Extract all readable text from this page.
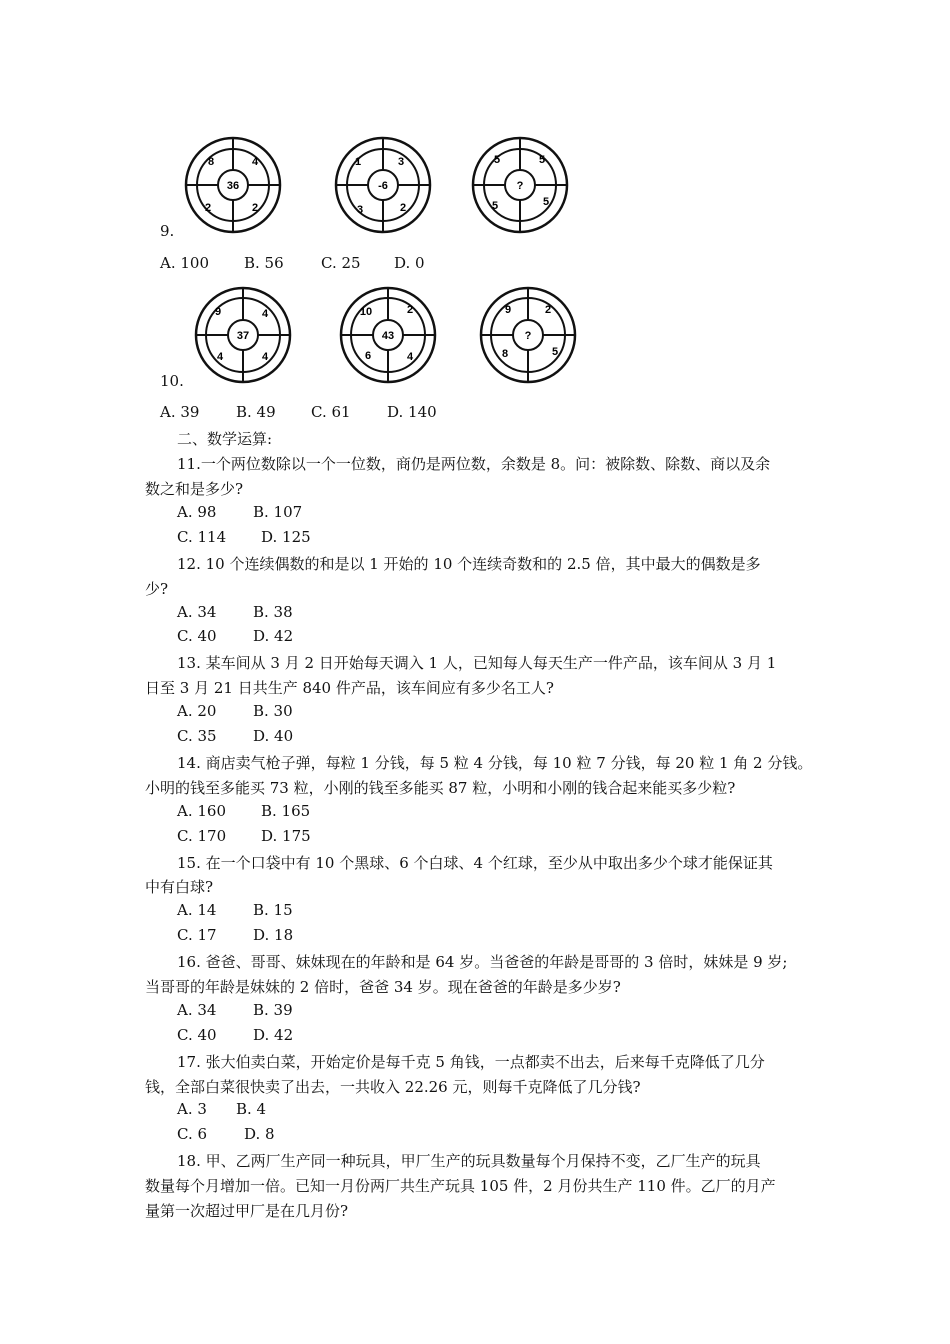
36
8	4
2	2
-6
1	3
3	2
?
5	5
5	5
9.
A. 100 B. 56 C. 25 D. 0
37
9	4
4	4
43
10	2
6	4
?
9	2
8	5
10.
A. 39 B. 49 C. 61 D. 140
二、数学运算:
11.一个两位数除以一个一位数，商仍是两位数，余数是 8。问：被除数、除数、商以及余
数之和是多少?
A. 98 B. 107
C. 114 D. 125
12. 10 个连续偶数的和是以 1 开始的 10 个连续奇数和的 2.5 倍，其中最大的偶数是多
少?
A. 34 B. 38
C. 40 D. 42
13. 某车间从 3 月 2 日开始每天调入 1 人，已知每人每天生产一件产品，该车间从 3 月 1
日至 3 月 21 日共生产 840 件产品，该车间应有多少名工人?
A. 20 B. 30
C. 35 D. 40
14. 商店卖气枪子弹，每粒 1 分钱，每 5 粒 4 分钱，每 10 粒 7 分钱，每 20 粒 1 角 2 分钱。
小明的钱至多能买 73 粒，小刚的钱至多能买 87 粒，小明和小刚的钱合起来能买多少粒?
A. 160 B. 165
C. 170 D. 175
15. 在一个口袋中有 10 个黑球、6 个白球、4 个红球，至少从中取出多少个球才能保证其
中有白球?
A. 14 B. 15
C. 17 D. 18
16. 爸爸、哥哥、妹妹现在的年龄和是 64 岁。当爸爸的年龄是哥哥的 3 倍时，妹妹是 9 岁;
当哥哥的年龄是妹妹的 2 倍时，爸爸 34 岁。现在爸爸的年龄是多少岁?
A. 34 B. 39
C. 40 D. 42
17. 张大伯卖白菜，开始定价是每千克 5 角钱，一点都卖不出去，后来每千克降低了几分
钱，全部白菜很快卖了出去，一共收入 22.26 元，则每千克降低了几分钱?
A. 3 B. 4
C. 6 D. 8
18. 甲、乙两厂生产同一种玩具，甲厂生产的玩具数量每个月保持不变，乙厂生产的玩具
数量每个月增加一倍。已知一月份两厂共生产玩具 105 件，2 月份共生产 110 件。乙厂的月产
量第一次超过甲厂是在几月份?
